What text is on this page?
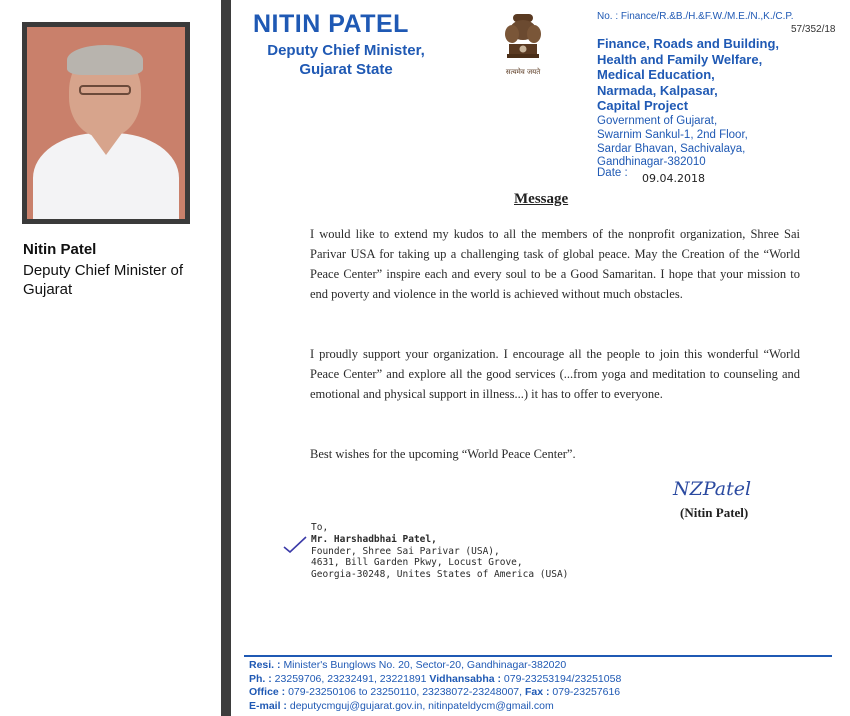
Nitin Patel
Deputy Chief Minister of Gujarat
NITIN PATEL
Deputy Chief Minister,
Gujarat State	सत्यमेव जयते
No. : Finance/R.&B./H.&F.W./M.E./N.,K./C.P.
57/352/18
Finance, Roads and Building,
Health and Family Welfare,
Medical Education,
Narmada, Kalpasar,
Capital Project
Government of Gujarat,
Swarnim Sankul-1, 2nd Floor,
Sardar Bhavan, Sachivalaya,
Gandhinagar-382010
Date : 09.04.2018
Message

I would like to extend my kudos to all the members of the nonprofit organization, Shree Sai Parivar USA for taking up a challenging task of global peace. May the Creation of the “World Peace Center” inspire each and every soul to be a Good Samaritan. I hope that your mission to end poverty and violence in the world is achieved without much obstacles.

I proudly support your organization. I encourage all the people to join this wonderful “World Peace Center” and explore all the good services (...from yoga and meditation to counseling and emotional and physical support in illness...) it has to offer to everyone.

Best wishes for the upcoming “World Peace Center”.

NZPatel
(Nitin Patel)
To,
Mr. Harshadbhai Patel,
Founder, Shree Sai Parivar (USA),
4631, Bill Garden Pkwy, Locust Grove,
Georgia-30248, Unites States of America (USA)
Resi. : Minister's Bunglows No. 20, Sector-20, Gandhinagar-382020
Ph. : 23259706, 23232491, 23221891 Vidhansabha : 079-23253194/23251058
Office : 079-23250106 to 23250110, 23238072-23248007, Fax : 079-23257616
E-mail : deputycmguj@gujarat.gov.in, nitinpateldycm@gmail.com
